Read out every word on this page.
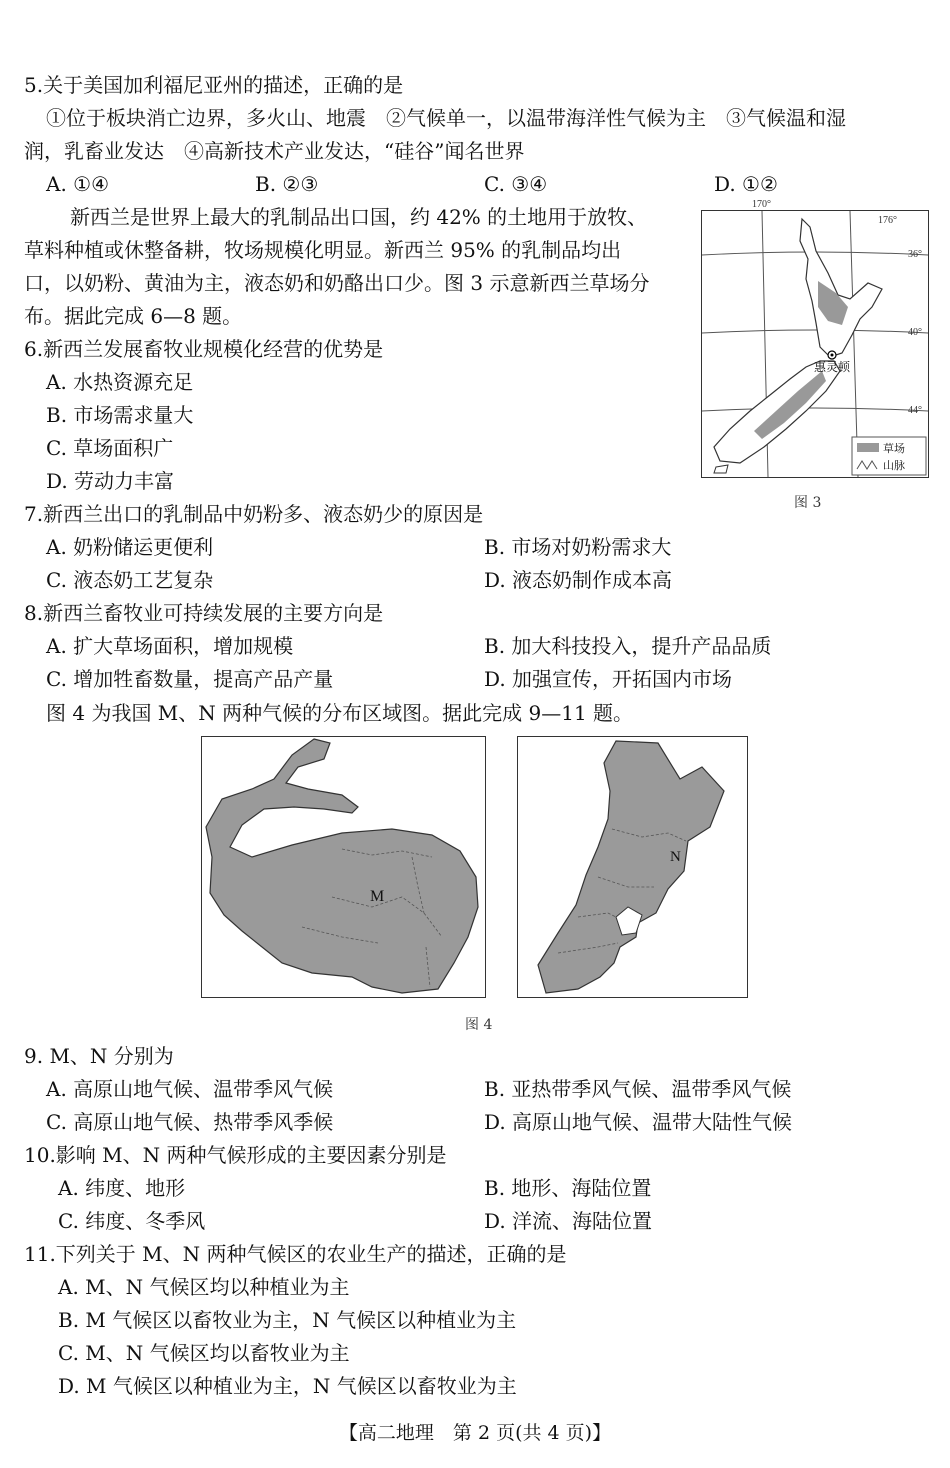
5.关于美国加利福尼亚州的描述，正确的是
①位于板块消亡边界，多火山、地震　②气候单一，以温带海洋性气候为主　③气候温和湿
润，乳畜业发达　④高新技术产业发达，“硅谷”闻名世界
A. ①④	B. ②③	C. ③④	D. ①②
新西兰是世界上最大的乳制品出口国，约 42% 的土地用于放牧、
草料种植或休整备耕，牧场规模化明显。新西兰 95% 的乳制品均出
口，以奶粉、黄油为主，液态奶和奶酪出口少。图 3 示意新西兰草场分
布。据此完成 6—8 题。
170°
176°
36°
40°
44°
惠灵顿
草场
山脉
图 3
6.新西兰发展畜牧业规模化经营的优势是
A. 水热资源充足
B. 市场需求量大
C. 草场面积广
D. 劳动力丰富
7.新西兰出口的乳制品中奶粉多、液态奶少的原因是
A. 奶粉储运更便利	B. 市场对奶粉需求大
C. 液态奶工艺复杂	D. 液态奶制作成本高
8.新西兰畜牧业可持续发展的主要方向是
A. 扩大草场面积，增加规模	B. 加大科技投入，提升产品品质
C. 增加牲畜数量，提高产品产量	D. 加强宣传，开拓国内市场
图 4 为我国 M、N 两种气候的分布区域图。据此完成 9—11 题。
M
N
图 4
9. M、N 分别为
A. 高原山地气候、温带季风气候	B. 亚热带季风气候、温带季风气候
C. 高原山地气候、热带季风季候	D. 高原山地气候、温带大陆性气候
10.影响 M、N 两种气候形成的主要因素分别是
A. 纬度、地形	B. 地形、海陆位置
C. 纬度、冬季风	D. 洋流、海陆位置
11.下列关于 M、N 两种气候区的农业生产的描述，正确的是
A. M、N 气候区均以种植业为主
B. M 气候区以畜牧业为主，N 气候区以种植业为主
C. M、N 气候区均以畜牧业为主
D. M 气候区以种植业为主，N 气候区以畜牧业为主
【高二地理　第 2 页(共 4 页)】
